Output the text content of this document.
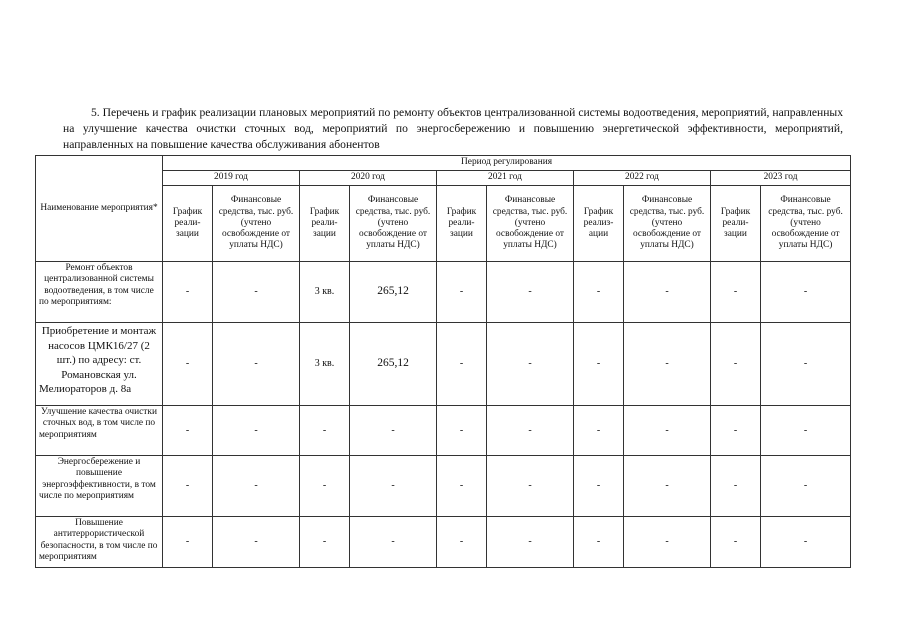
5. Перечень и график реализации плановых мероприятий по ремонту объектов централизованной системы водоотведения, мероприятий, направленных на улучшение качества очистки сточных вод, мероприятий по энергосбережению и повышению энергетической эффективности, мероприятий, направленных на повышение качества обслуживания абонентов

Наименование мероприятия*	Период регулирования									
	2019 год		2020 год		2021 год		2022 год		2023 год	
	График реали-зации	Финансовые средства, тыс. руб. (учтено освобождение от уплаты НДС)	График реали-зации	Финансовые средства, тыс. руб. (учтено освобождение от уплаты НДС)	График реали-зации	Финансовые средства, тыс. руб. (учтено освобождение от уплаты НДС)	График реализ-ации	Финансовые средства, тыс. руб. (учтено освобождение от уплаты НДС)	График реали-зации	Финансовые средства, тыс. руб. (учтено освобождение от уплаты НДС)
Ремонт объектов централизованной системы водоотведения, в том числе по мероприятиям:	-	-	3 кв.	265,12	-	-	-	-	-	-
Приобретение и монтаж насосов ЦМК16/27 (2 шт.) по адресу: ст. Романовская ул. Мелиораторов д. 8а	-	-	3 кв.	265,12	-	-	-	-	-	-
Улучшение качества очистки сточных вод, в том числе по мероприятиям	-	-	-	-	-	-	-	-	-	-
Энергосбережение и повышение энергоэффективности, в том числе по мероприятиям	-	-	-	-	-	-	-	-	-	-
Повышение антитеррористической безопасности, в том числе по мероприятиям	-	-	-	-	-	-	-	-	-	-
